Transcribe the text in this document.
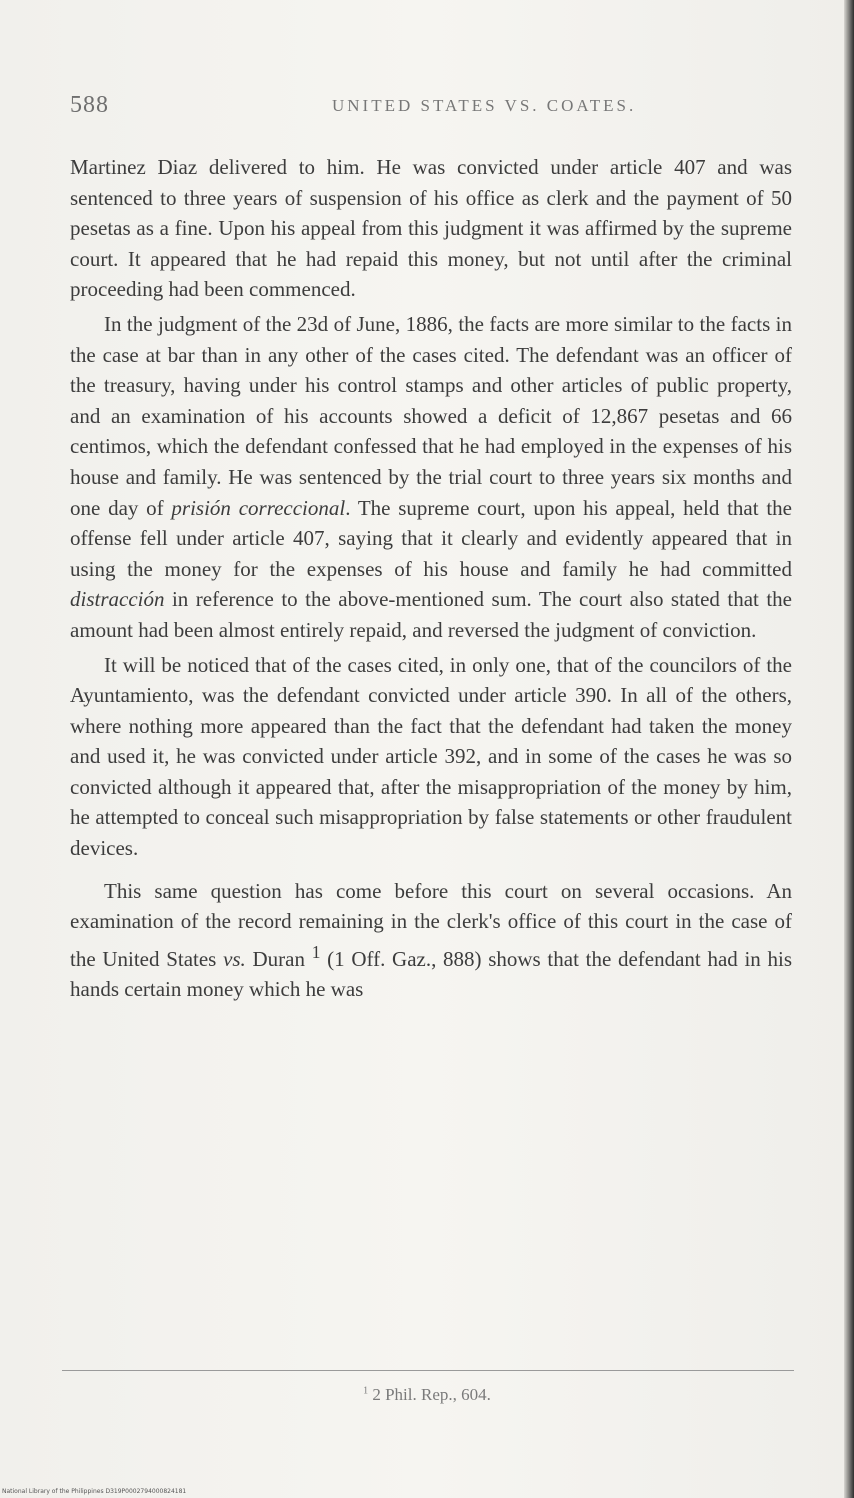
588	UNITED STATES VS. COATES.

Martinez Diaz delivered to him. He was convicted under article 407 and was sentenced to three years of suspension of his office as clerk and the payment of 50 pesetas as a fine. Upon his appeal from this judgment it was affirmed by the supreme court. It appeared that he had repaid this money, but not until after the criminal proceeding had been commenced.

In the judgment of the 23d of June, 1886, the facts are more similar to the facts in the case at bar than in any other of the cases cited. The defendant was an officer of the treasury, having under his control stamps and other articles of public property, and an examination of his accounts showed a deficit of 12,867 pesetas and 66 centimos, which the defendant confessed that he had employed in the expenses of his house and family. He was sentenced by the trial court to three years six months and one day of prisión correccional. The supreme court, upon his appeal, held that the offense fell under article 407, saying that it clearly and evidently appeared that in using the money for the expenses of his house and family he had committed distracción in reference to the above-mentioned sum. The court also stated that the amount had been almost entirely repaid, and reversed the judgment of conviction.

It will be noticed that of the cases cited, in only one, that of the councilors of the Ayuntamiento, was the defendant convicted under article 390. In all of the others, where nothing more appeared than the fact that the defendant had taken the money and used it, he was convicted under article 392, and in some of the cases he was so convicted although it appeared that, after the misappropriation of the money by him, he attempted to conceal such misappropriation by false statements or other fraudulent devices.

This same question has come before this court on several occasions. An examination of the record remaining in the clerk's office of this court in the case of the United States vs. Duran $^1$ (1 Off. Gaz., 888) shows that the defendant had in his hands certain money which he was

$^1$ 2 Phil. Rep., 604.
National Library of the Philippines D319P0002794000824181
